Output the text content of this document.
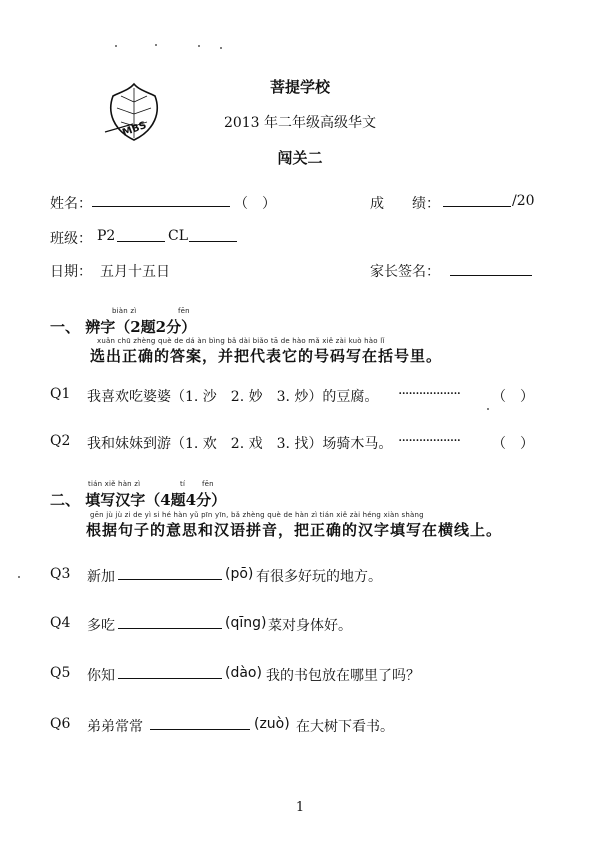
MBS
菩提学校
2013 年二年级高级华文
闯关二
姓名：	（　）	成　　绩：	/20
班级： P2	CL
日期： 五月十五日	家长签名：
biàn zì	fēn
一、 辨字（2题2分）
xuǎn chū zhèng què de dá àn bìng bǎ dài biǎo tā de hào mǎ xiě zài kuò hào lǐ
选出正确的答案，并把代表它的号码写在括号里。
Q1 我喜欢吃婆婆（1. 沙　2. 妙　3. 炒）的豆腐。 ·················· （　）
Q2 我和妹妹到游（1. 欢　2. 戏　3. 找）场骑木马。 ·················· （　）
tián xiě hàn zì	tí fēn
二、 填写汉字（4题4分）
gēn jù jù zi de yì si hé hàn yǔ pīn yīn, bǎ zhèng què de hàn zì tián xiě zài héng xiàn shàng
根据句子的意思和汉语拼音，把正确的汉字填写在横线上。
Q3 新加	(pō) 有很多好玩的地方。
Q4 多吃	(qīng) 菜对身体好。
Q5 你知	(dào) 我的书包放在哪里了吗？
Q6 弟弟常常	(zuò) 在大树下看书。
1
